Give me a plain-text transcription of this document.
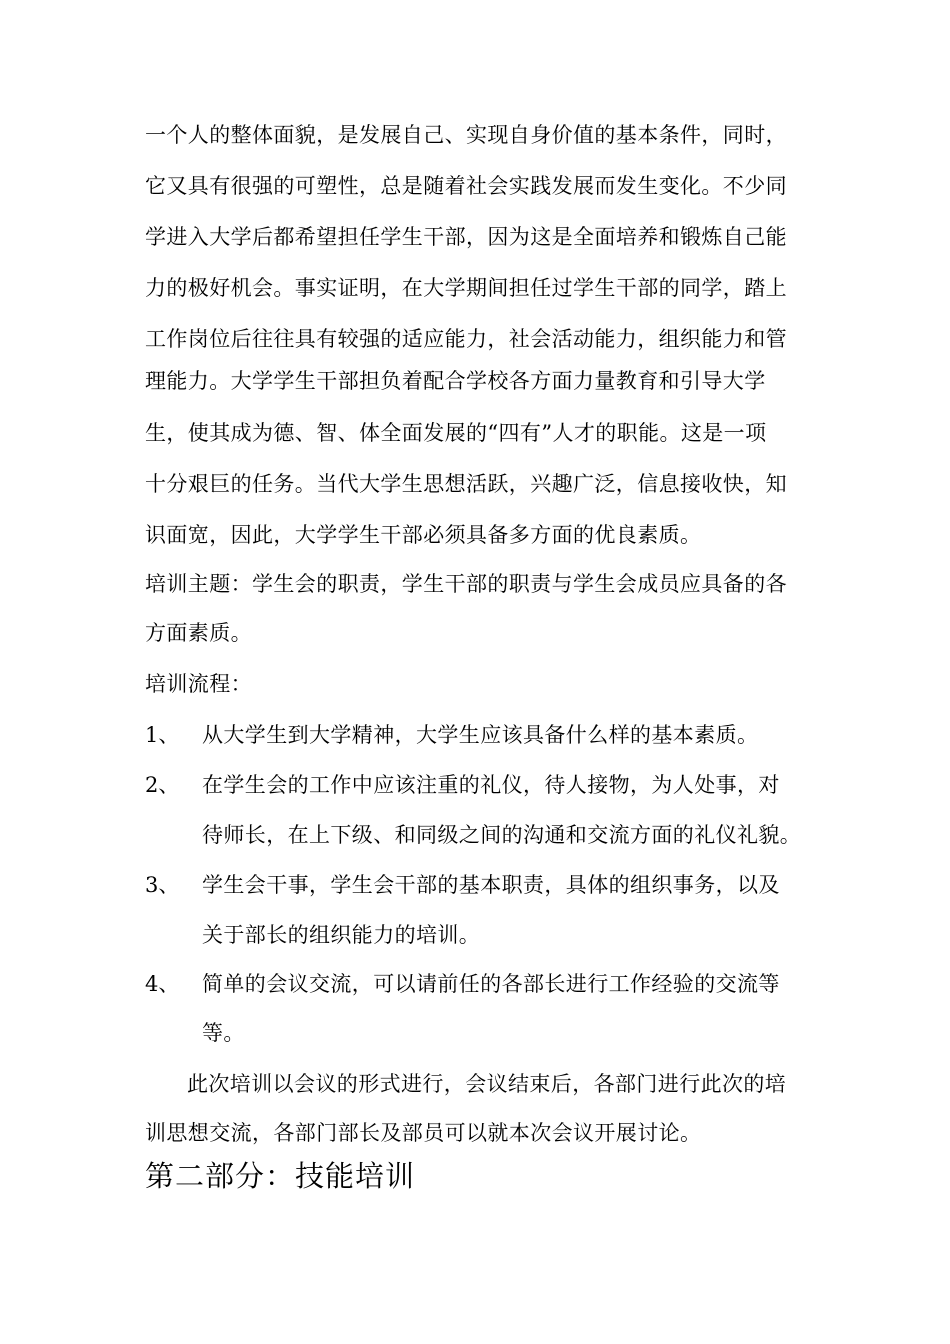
一个人的整体面貌，是发展自己、实现自身价值的基本条件，同时，
它又具有很强的可塑性，总是随着社会实践发展而发生变化。不少同
学进入大学后都希望担任学生干部，因为这是全面培养和锻炼自己能
力的极好机会。事实证明，在大学期间担任过学生干部的同学，踏上
工作岗位后往往具有较强的适应能力，社会活动能力，组织能力和管
理能力。大学学生干部担负着配合学校各方面力量教育和引导大学
生，使其成为德、智、体全面发展的“四有”人才的职能。这是一项
十分艰巨的任务。当代大学生思想活跃，兴趣广泛，信息接收快，知
识面宽，因此，大学学生干部必须具备多方面的优良素质。
培训主题：学生会的职责，学生干部的职责与学生会成员应具备的各
方面素质。
培训流程：
1、 从大学生到大学精神，大学生应该具备什么样的基本素质。
2、 在学生会的工作中应该注重的礼仪，待人接物，为人处事，对
待师长，在上下级、和同级之间的沟通和交流方面的礼仪礼貌。
3、 学生会干事，学生会干部的基本职责，具体的组织事务，以及
关于部长的组织能力的培训。
4、 简单的会议交流，可以请前任的各部长进行工作经验的交流等
等。
此次培训以会议的形式进行，会议结束后，各部门进行此次的培
训思想交流，各部门部长及部员可以就本次会议开展讨论。
第二部分：技能培训
